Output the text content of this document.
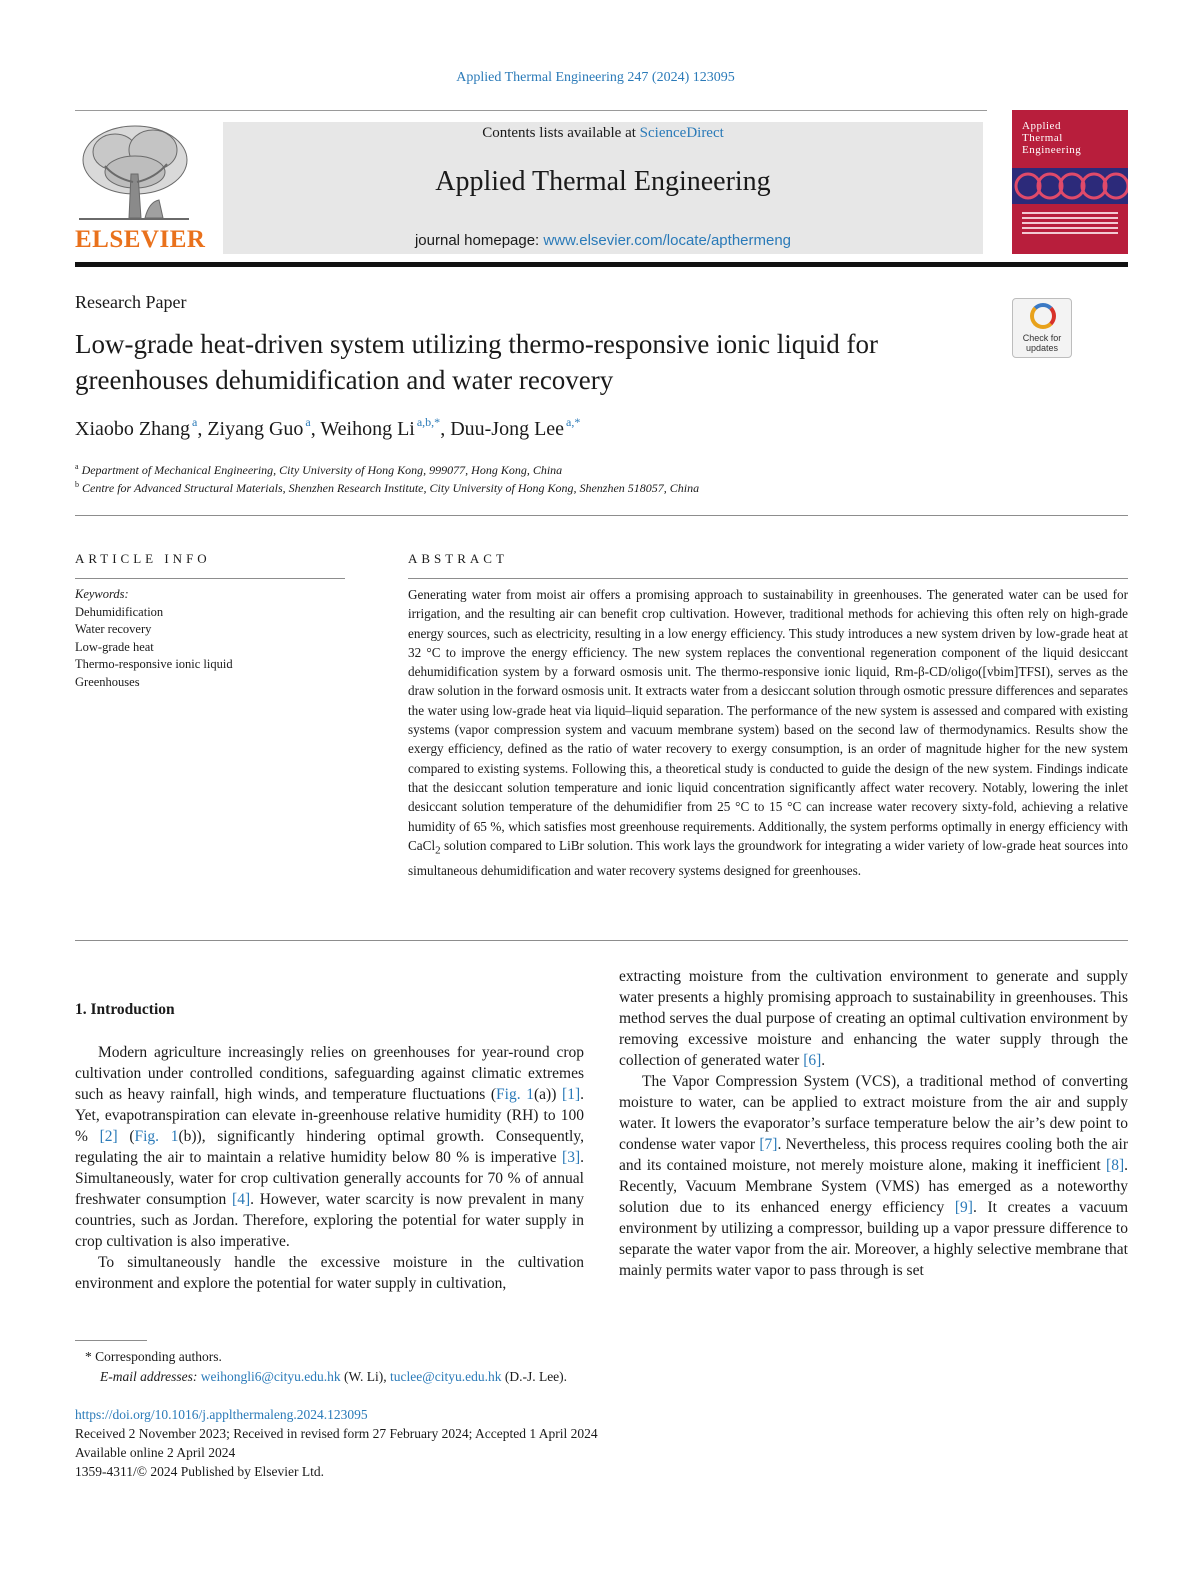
Applied Thermal Engineering 247 (2024) 123095
ELSEVIER
Contents lists available at ScienceDirect
Applied Thermal Engineering
journal homepage: www.elsevier.com/locate/apthermeng
Applied
Thermal
Engineering
Research Paper
Low-grade heat-driven system utilizing thermo-responsive ionic liquid for greenhouses dehumidification and water recovery
Check for updates
Xiaobo Zhang $^a$, Ziyang Guo $^a$, Weihong Li $^{a,b,*}$, Duu-Jong Lee $^{a,*}$
$^a$ Department of Mechanical Engineering, City University of Hong Kong, 999077, Hong Kong, China
$^b$ Centre for Advanced Structural Materials, Shenzhen Research Institute, City University of Hong Kong, Shenzhen 518057, China
ARTICLE INFO	ABSTRACT
Keywords:
Dehumidification
Water recovery
Low-grade heat
Thermo-responsive ionic liquid
Greenhouses
Generating water from moist air offers a promising approach to sustainability in greenhouses. The generated water can be used for irrigation, and the resulting air can benefit crop cultivation. However, traditional methods for achieving this often rely on high-grade energy sources, such as electricity, resulting in a low energy efficiency. This study introduces a new system driven by low-grade heat at 32 °C to improve the energy efficiency. The new system replaces the conventional regeneration component of the liquid desiccant dehumidification system by a forward osmosis unit. The thermo-responsive ionic liquid, Rm-β-CD/oligo([vbim]TFSI), serves as the draw solution in the forward osmosis unit. It extracts water from a desiccant solution through osmotic pressure differences and separates the water using low-grade heat via liquid–liquid separation. The performance of the new system is assessed and compared with existing systems (vapor compression system and vacuum membrane system) based on the second law of thermodynamics. Results show the exergy efficiency, defined as the ratio of water recovery to exergy consumption, is an order of magnitude higher for the new system compared to existing systems. Following this, a theoretical study is conducted to guide the design of the new system. Findings indicate that the desiccant solution temperature and ionic liquid concentration significantly affect water recovery. Notably, lowering the inlet desiccant solution temperature of the dehumidifier from 25 °C to 15 °C can increase water recovery sixty-fold, achieving a relative humidity of 65 %, which satisfies most greenhouse requirements. Additionally, the system performs optimally in energy efficiency with CaCl$_2$ solution compared to LiBr solution. This work lays the groundwork for integrating a wider variety of low-grade heat sources into simultaneous dehumidification and water recovery systems designed for greenhouses.
1. Introduction

Modern agriculture increasingly relies on greenhouses for year-round crop cultivation under controlled conditions, safeguarding against climatic extremes such as heavy rainfall, high winds, and temperature fluctuations (Fig. 1(a)) [1]. Yet, evapotranspiration can elevate in-greenhouse relative humidity (RH) to 100 % [2] (Fig. 1(b)), significantly hindering optimal growth. Consequently, regulating the air to maintain a relative humidity below 80 % is imperative [3]. Simultaneously, water for crop cultivation generally accounts for 70 % of annual freshwater consumption [4]. However, water scarcity is now prevalent in many countries, such as Jordan. Therefore, exploring the potential for water supply in crop cultivation is also imperative.

To simultaneously handle the excessive moisture in the cultivation environment and explore the potential for water supply in cultivation,

extracting moisture from the cultivation environment to generate and supply water presents a highly promising approach to sustainability in greenhouses. This method serves the dual purpose of creating an optimal cultivation environment by removing excessive moisture and enhancing the water supply through the collection of generated water [6].

The Vapor Compression System (VCS), a traditional method of converting moisture to water, can be applied to extract moisture from the air and supply water. It lowers the evaporator’s surface temperature below the air’s dew point to condense water vapor [7]. Nevertheless, this process requires cooling both the air and its contained moisture, not merely moisture alone, making it inefficient [8]. Recently, Vacuum Membrane System (VMS) has emerged as a noteworthy solution due to its enhanced energy efficiency [9]. It creates a vacuum environment by utilizing a compressor, building up a vapor pressure difference to separate the water vapor from the air. Moreover, a highly selective membrane that mainly permits water vapor to pass through is set

* Corresponding authors.
E-mail addresses: weihongli6@cityu.edu.hk (W. Li), tuclee@cityu.edu.hk (D.-J. Lee).
https://doi.org/10.1016/j.applthermaleng.2024.123095
Received 2 November 2023; Received in revised form 27 February 2024; Accepted 1 April 2024
Available online 2 April 2024
1359-4311/© 2024 Published by Elsevier Ltd.
